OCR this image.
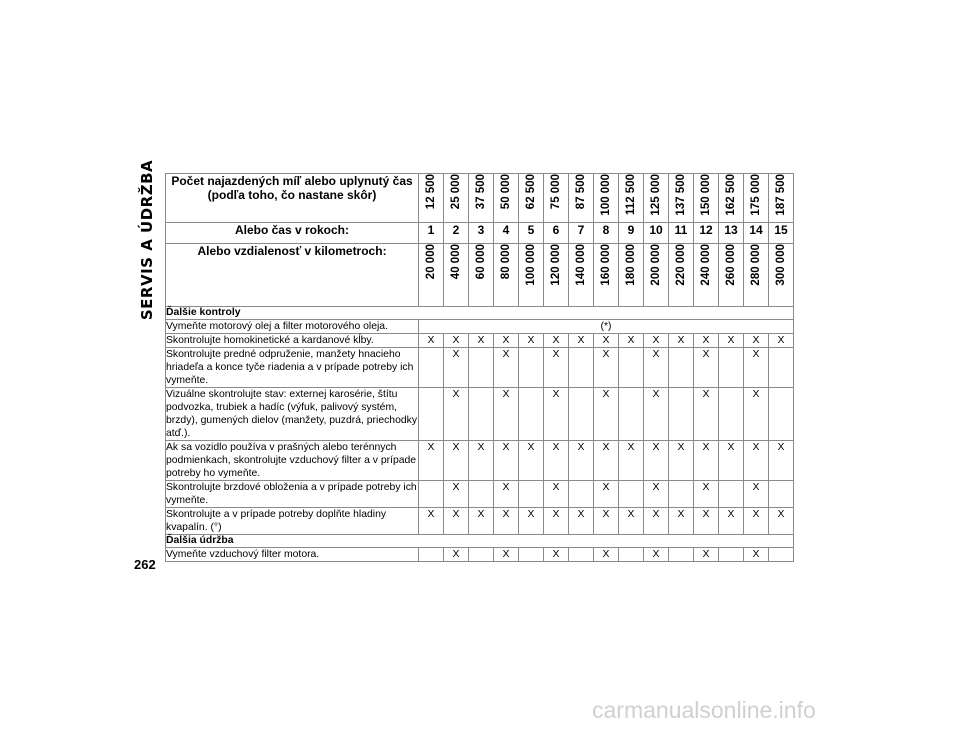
SERVIS A ÚDRŽBA Počet najazdených míľ alebo uplynutý čas (podľa toho, čo nastane skôr)	12 500	25 000	37 500	50 000	62 500	75 000	87 500	100 000	112 500	125 000	137 500	150 000	162 500	175 000	187 500

Alebo čas v rokoch:	1	2	3	4	5	6	7	8	9	10	11	12	13	14	15
Alebo vzdialenosť v kilometroch:	20 000	40 000	60 000	80 000	100 000	120 000	140 000	160 000	180 000	200 000	220 000	240 000	260 000	280 000	300 000

Ďalšie kontroly															
Vymeňte motorový olej a filter motorového oleja.	(*)														
Skontrolujte homokinetické a kardanové kĺby.	X	X	X	X	X	X	X	X	X	X	X	X	X	X	X
Skontrolujte predné odpruženie, manžety hnacieho hriadeľa a konce tyče riadenia a v prípade potreby ich vymeňte.		X		X		X		X		X		X		X	
Vizuálne skontrolujte stav: externej karosérie, štítu podvozka, trubiek a hadíc (výfuk, palivový systém, brzdy), gumených dielov (manžety, puzdrá, priechodky atď.).		X		X		X		X		X		X		X	
Ak sa vozidlo používa v prašných alebo terénnych podmienkach, skontrolujte vzduchový filter a v prípade potreby ho vymeňte.	X	X	X	X	X	X	X	X	X	X	X	X	X	X	X
Skontrolujte brzdové obloženia a v prípade potreby ich vymeňte.		X		X		X		X		X		X		X	
Skontrolujte a v prípade potreby doplňte hladiny kvapalín. (°)	X	X	X	X	X	X	X	X	X	X	X	X	X	X	X
Ďalšia údržba															
Vymeňte vzduchový filter motora.		X		X		X		X		X		X		X	
262
carmanualsonline.info
